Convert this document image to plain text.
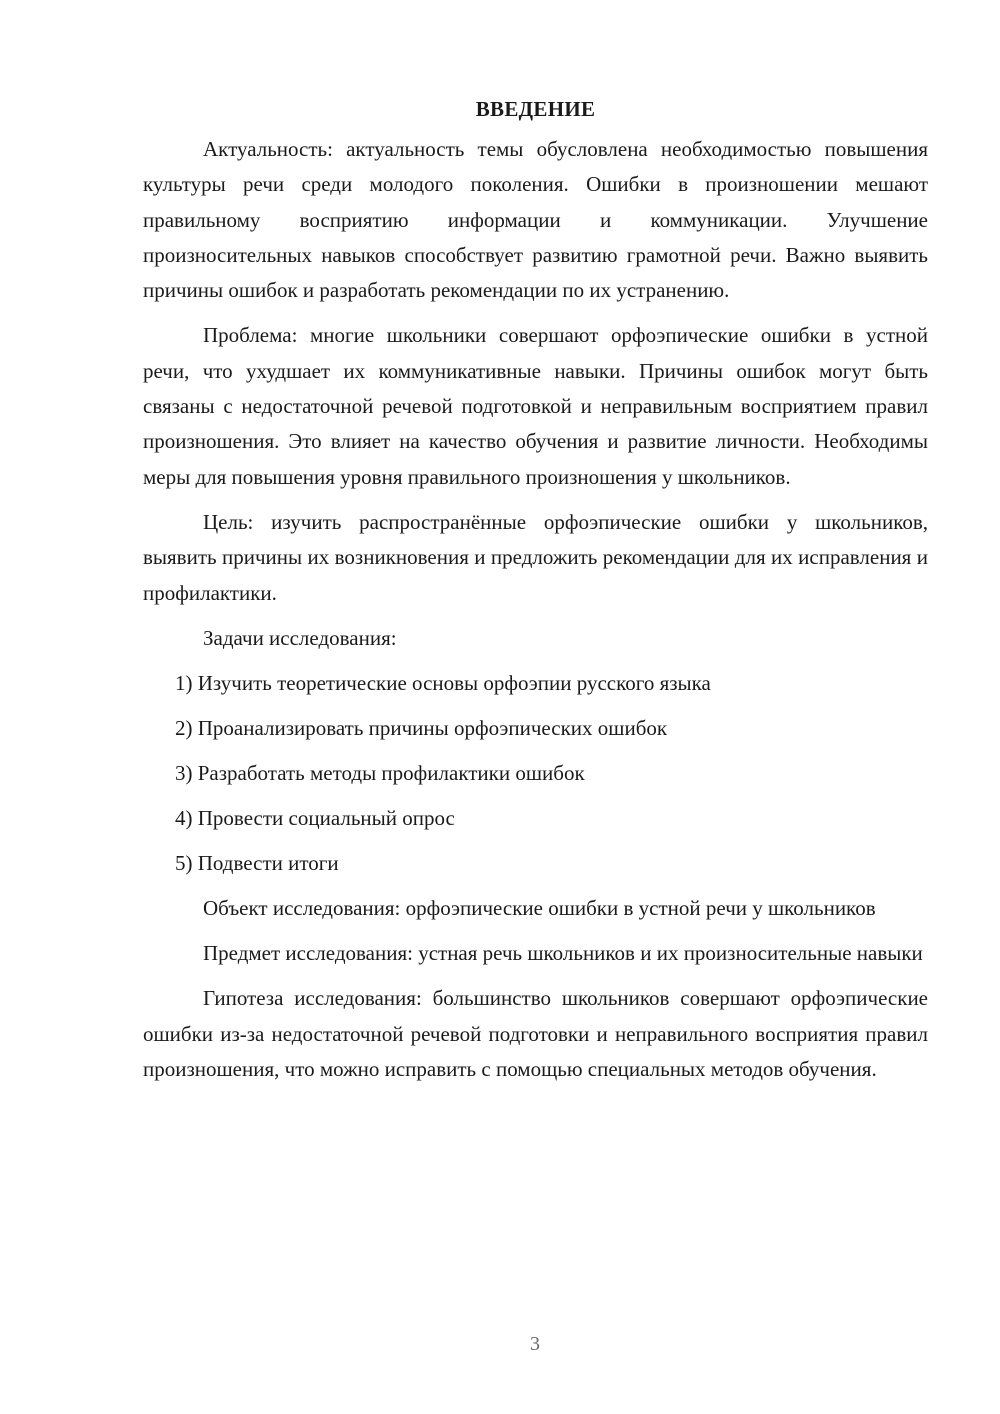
ВВЕДЕНИЕ

Актуальность: актуальность темы обусловлена необходимостью повышения культуры речи среди молодого поколения. Ошибки в произношении мешают правильному восприятию информации и коммуникации. Улучшение произносительных навыков способствует развитию грамотной речи. Важно выявить причины ошибок и разработать рекомендации по их устранению.

Проблема: многие школьники совершают орфоэпические ошибки в устной речи, что ухудшает их коммуникативные навыки. Причины ошибок могут быть связаны с недостаточной речевой подготовкой и неправильным восприятием правил произношения. Это влияет на качество обучения и развитие личности. Необходимы меры для повышения уровня правильного произношения у школьников.

Цель: изучить распространённые орфоэпические ошибки у школьников, выявить причины их возникновения и предложить рекомендации для их исправления и профилактики.

Задачи исследования:
1) Изучить теоретические основы орфоэпии русского языка
2) Проанализировать причины орфоэпических ошибок
3) Разработать методы профилактики ошибок
4) Провести социальный опрос
5) Подвести итоги

Объект исследования: орфоэпические ошибки в устной речи у школьников

Предмет исследования: устная речь школьников и их произносительные навыки

Гипотеза исследования: большинство школьников совершают орфоэпические ошибки из-за недостаточной речевой подготовки и неправильного восприятия правил произношения, что можно исправить с помощью специальных методов обучения.

3
